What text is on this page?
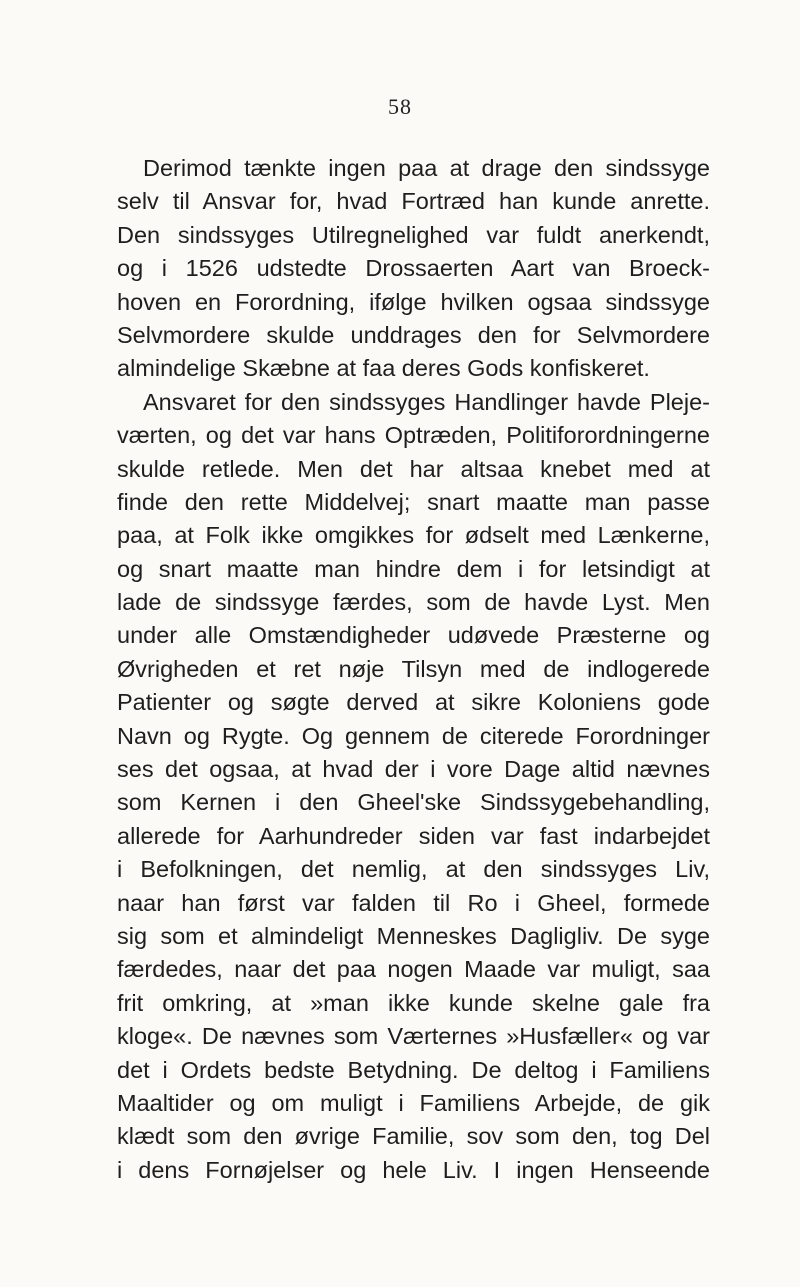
58
Derimod tænkte ingen paa at drage den sindssyge
selv til Ansvar for, hvad Fortræd han kunde anrette.
Den sindssyges Utilregnelighed var fuldt anerkendt,
og i 1526 udstedte Drossaerten Aart van Broeck-
hoven en Forordning, ifølge hvilken ogsaa sindssyge
Selvmordere skulde unddrages den for Selvmordere
almindelige Skæbne at faa deres Gods konfiskeret.
Ansvaret for den sindssyges Handlinger havde Pleje-
værten, og det var hans Optræden, Politiforordningerne
skulde retlede. Men det har altsaa knebet med at
finde den rette Middelvej; snart maatte man passe
paa, at Folk ikke omgikkes for ødselt med Lænkerne,
og snart maatte man hindre dem i for letsindigt at
lade de sindssyge færdes, som de havde Lyst. Men
under alle Omstændigheder udøvede Præsterne og
Øvrigheden et ret nøje Tilsyn med de indlogerede
Patienter og søgte derved at sikre Koloniens gode
Navn og Rygte. Og gennem de citerede Forordninger
ses det ogsaa, at hvad der i vore Dage altid nævnes
som Kernen i den Gheel'ske Sindssygebehandling,
allerede for Aarhundreder siden var fast indarbejdet
i Befolkningen, det nemlig, at den sindssyges Liv,
naar han først var falden til Ro i Gheel, formede
sig som et almindeligt Menneskes Dagligliv. De syge
færdedes, naar det paa nogen Maade var muligt, saa
frit omkring, at »man ikke kunde skelne gale fra
kloge«. De nævnes som Værternes »Husfæller« og var
det i Ordets bedste Betydning. De deltog i Familiens
Maaltider og om muligt i Familiens Arbejde, de gik
klædt som den øvrige Familie, sov som den, tog Del
i dens Fornøjelser og hele Liv. I ingen Henseende
